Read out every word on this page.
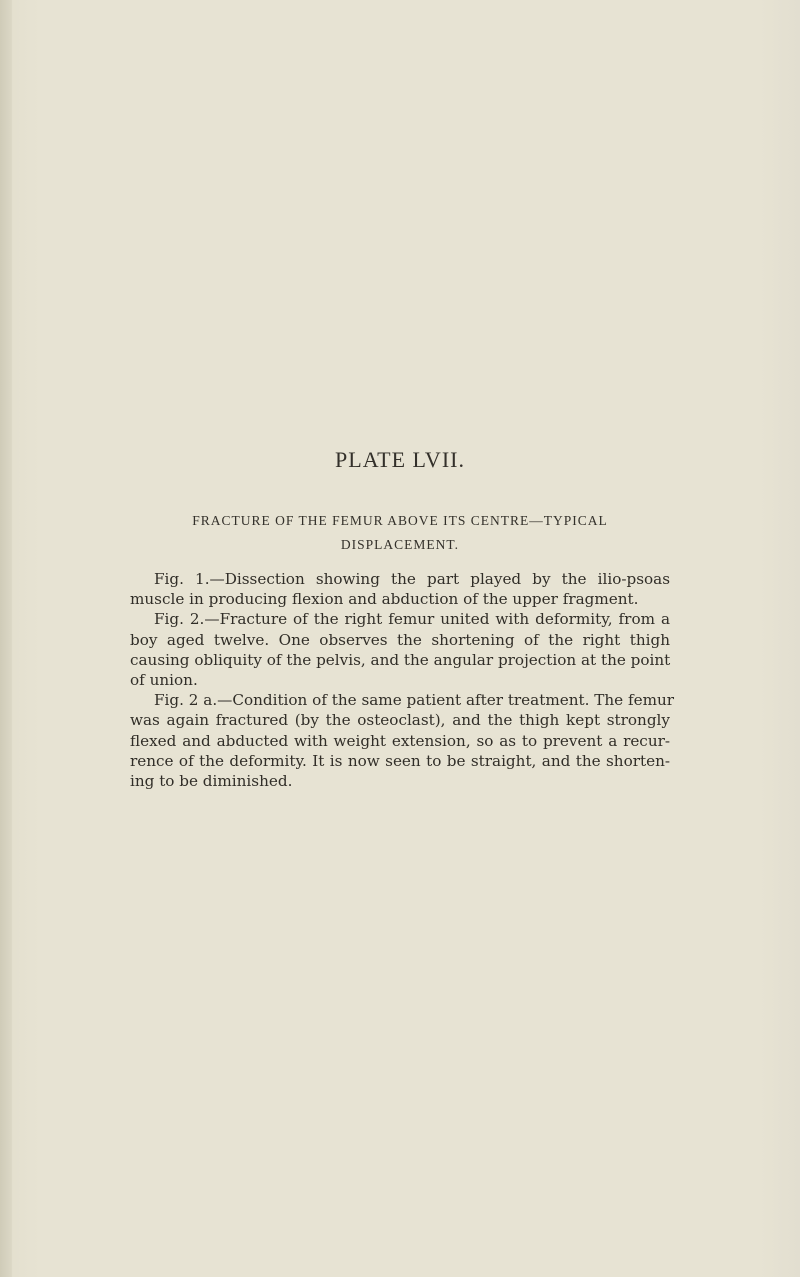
PLATE LVII.
FRACTURE OF THE FEMUR ABOVE ITS CENTRE—TYPICAL
DISPLACEMENT.
Fig. 1.—Dissection showing the part played by the ilio-psoas
muscle in producing flexion and abduction of the upper fragment.
Fig. 2.—Fracture of the right femur united with deformity, from a
boy aged twelve. One observes the shortening of the right thigh
causing obliquity of the pelvis, and the angular projection at the point
of union.
Fig. 2 a.—Condition of the same patient after treatment. The femur
was again fractured (by the osteoclast), and the thigh kept strongly
flexed and abducted with weight extension, so as to prevent a recur-
rence of the deformity. It is now seen to be straight, and the shorten-
ing to be diminished.
